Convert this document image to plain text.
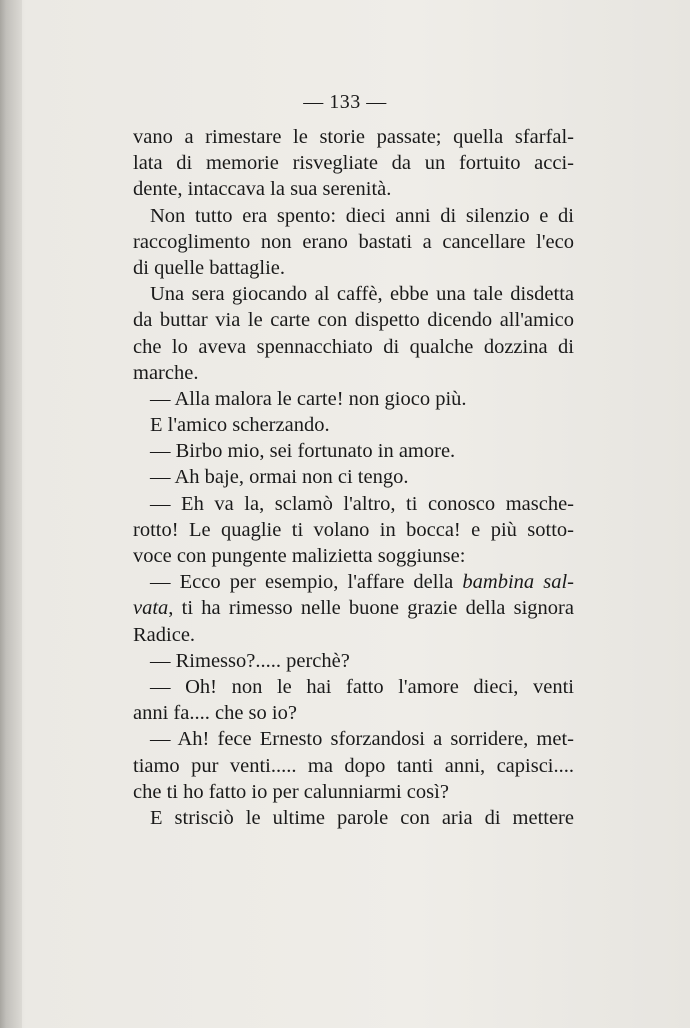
— 133 —
vano a rimestare le storie passate; quella sfarfal-
lata di memorie risvegliate da un fortuito acci-
dente, intaccava la sua serenità.
Non tutto era spento: dieci anni di silenzio e di
raccoglimento non erano bastati a cancellare l'eco
di quelle battaglie.
Una sera giocando al caffè, ebbe una tale disdetta
da buttar via le carte con dispetto dicendo all'amico
che lo aveva spennacchiato di qualche dozzina di
marche.
— Alla malora le carte! non gioco più.
E l'amico scherzando.
— Birbo mio, sei fortunato in amore.
— Ah baje, ormai non ci tengo.
— Eh va la, sclamò l'altro, ti conosco masche-
rotto! Le quaglie ti volano in bocca! e più sotto-
voce con pungente malizietta soggiunse:
— Ecco per esempio, l'affare della bambina sal-
vata, ti ha rimesso nelle buone grazie della signora
Radice.
— Rimesso?..... perchè?
— Oh! non le hai fatto l'amore dieci, venti
anni fa.... che so io?
— Ah! fece Ernesto sforzandosi a sorridere, met-
tiamo pur venti..... ma dopo tanti anni, capisci....
che ti ho fatto io per calunniarmi così?
E strisciò le ultime parole con aria di mettere
